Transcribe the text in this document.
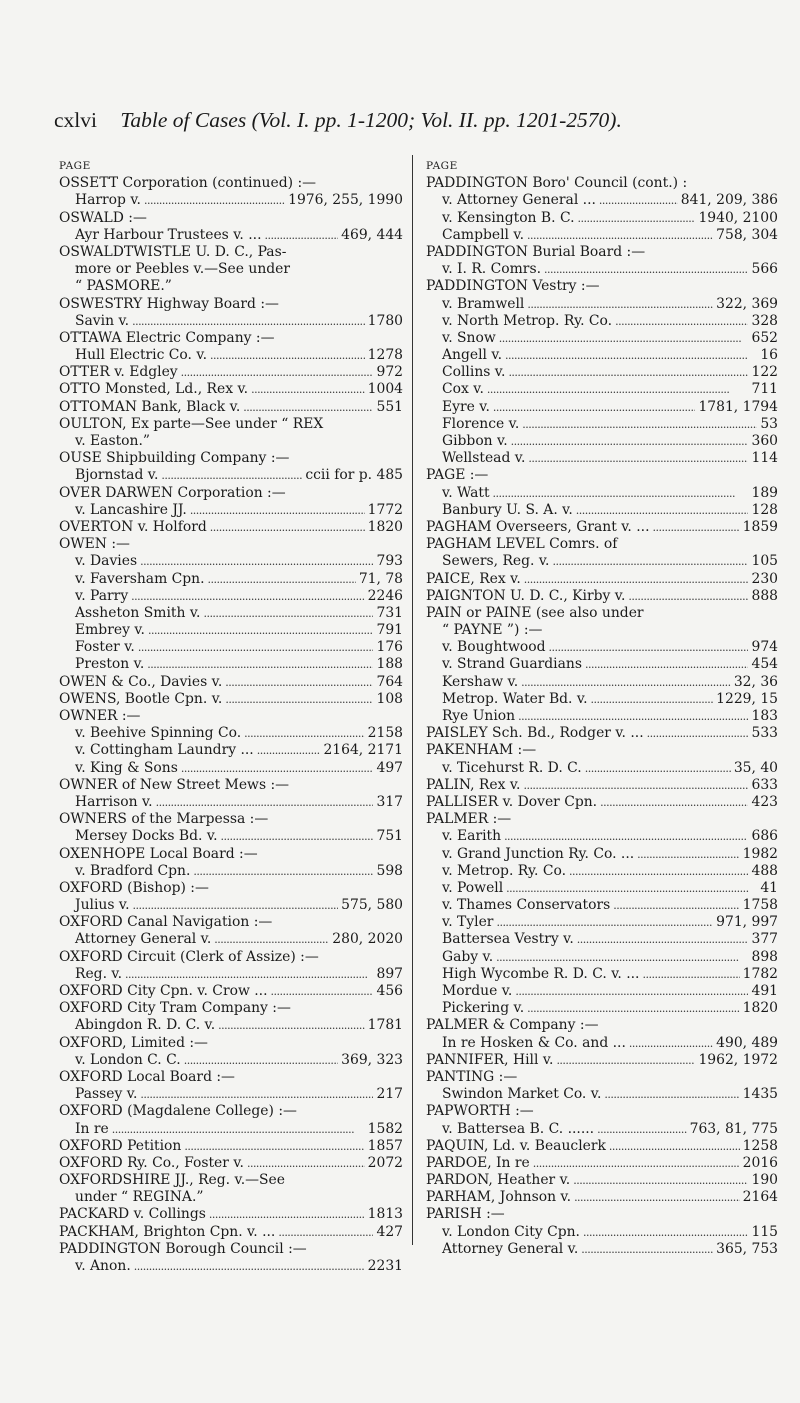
cxlvi Table of Cases (Vol. I. pp. 1-1200; Vol. II. pp. 1201-2570).
PAGE
OSSETT Corporation (continued) :—
Harrop v. . . .	1976, 255, 1990
OSWALD :—
Ayr Harbour Trustees v. ... . . .	469, 444
OSWALDTWISTLE U. D. C., Pas-
more or Peebles v.—See under
“ PASMORE.”
OSWESTRY Highway Board :—
Savin v. . . .	1780
OTTAWA Electric Company :—
Hull Electric Co. v. . . .	1278
OTTER v. Edgley . . .	972
OTTO Monsted, Ld., Rex v. . . .	1004
OTTOMAN Bank, Black v. . . .	551
OULTON, Ex parte—See under “ REX
v. Easton.”
OUSE Shipbuilding Company :—
Bjornstad v. . . .	ccii for p. 485
OVER DARWEN Corporation :—
v. Lancashire JJ. . . .	1772
OVERTON v. Holford . . .	1820
OWEN :—
v. Davies . . .	793
v. Faversham Cpn. . . .	71, 78
v. Parry . . .	2246
Assheton Smith v. . . .	731
Embrey v. . . .	791
Foster v. . . .	176
Preston v. . . .	188
OWEN & Co., Davies v. . . .	764
OWENS, Bootle Cpn. v. . . .	108
OWNER :—
v. Beehive Spinning Co. . . .	2158
v. Cottingham Laundry ... . . .	2164, 2171
v. King & Sons . . .	497
OWNER of New Street Mews :—
Harrison v. . . .	317
OWNERS of the Marpessa :—
Mersey Docks Bd. v. . . .	751
OXENHOPE Local Board :—
v. Bradford Cpn. . . .	598
OXFORD (Bishop) :—
Julius v. . . .	575, 580
OXFORD Canal Navigation :—
Attorney General v. . . .	280, 2020
OXFORD Circuit (Clerk of Assize) :—
Reg. v. . . .	897
OXFORD City Cpn. v. Crow ... . . .	456
OXFORD City Tram Company :—
Abingdon R. D. C. v. . . .	1781
OXFORD, Limited :—
v. London C. C. . . .	369, 323
OXFORD Local Board :—
Passey v. . . .	217
OXFORD (Magdalene College) :—
In re . . .	1582
OXFORD Petition . . .	1857
OXFORD Ry. Co., Foster v. . . .	2072
OXFORDSHIRE JJ., Reg. v.—See
under “ REGINA.”
PACKARD v. Collings . . .	1813
PACKHAM, Brighton Cpn. v. ... . . .	427
PADDINGTON Borough Council :—
v. Anon. . . .	2231
PAGE
PADDINGTON Boro' Council (cont.) :
v. Attorney General ... . . .	841, 209, 386
v. Kensington B. C. . . .	1940, 2100
Campbell v. . . .	758, 304
PADDINGTON Burial Board :—
v. I. R. Comrs. . . .	566
PADDINGTON Vestry :—
v. Bramwell . . .	322, 369
v. North Metrop. Ry. Co. . . .	328
v. Snow . . .	652
Angell v. . . .	16
Collins v. . . .	122
Cox v. . . .	711
Eyre v. . . .	1781, 1794
Florence v. . . .	53
Gibbon v. . . .	360
Wellstead v. . . .	114
PAGE :—
v. Watt . . .	189
Banbury U. S. A. v. . . .	128
PAGHAM Overseers, Grant v. ... . . .	1859
PAGHAM LEVEL Comrs. of
Sewers, Reg. v. . . .	105
PAICE, Rex v. . . .	230
PAIGNTON U. D. C., Kirby v. . . .	888
PAIN or PAINE (see also under
“ PAYNE ”) :—
v. Boughtwood . . .	974
v. Strand Guardians . . .	454
Kershaw v. . . .	32, 36
Metrop. Water Bd. v. . . .	1229, 15
Rye Union . . .	183
PAISLEY Sch. Bd., Rodger v. ... . . .	533
PAKENHAM :—
v. Ticehurst R. D. C. . . .	35, 40
PALIN, Rex v. . . .	633
PALLISER v. Dover Cpn. . . .	423
PALMER :—
v. Earith . . .	686
v. Grand Junction Ry. Co. ... . . .	1982
v. Metrop. Ry. Co. . . .	488
v. Powell . . .	41
v. Thames Conservators . . .	1758
v. Tyler . . .	971, 997
Battersea Vestry v. . . .	377
Gaby v. . . .	898
High Wycombe R. D. C. v. ... . . .	1782
Mordue v. . . .	491
Pickering v. . . .	1820
PALMER & Company :—
In re Hosken & Co. and ... . . .	490, 489
PANNIFER, Hill v. . . .	1962, 1972
PANTING :—
Swindon Market Co. v. . . .	1435
PAPWORTH :—
v. Battersea B. C. ...... . . .	763, 81, 775
PAQUIN, Ld. v. Beauclerk . . .	1258
PARDOE, In re . . .	2016
PARDON, Heather v. . . .	190
PARHAM, Johnson v. . . .	2164
PARISH :—
v. London City Cpn. . . .	115
Attorney General v. . . .	365, 753
